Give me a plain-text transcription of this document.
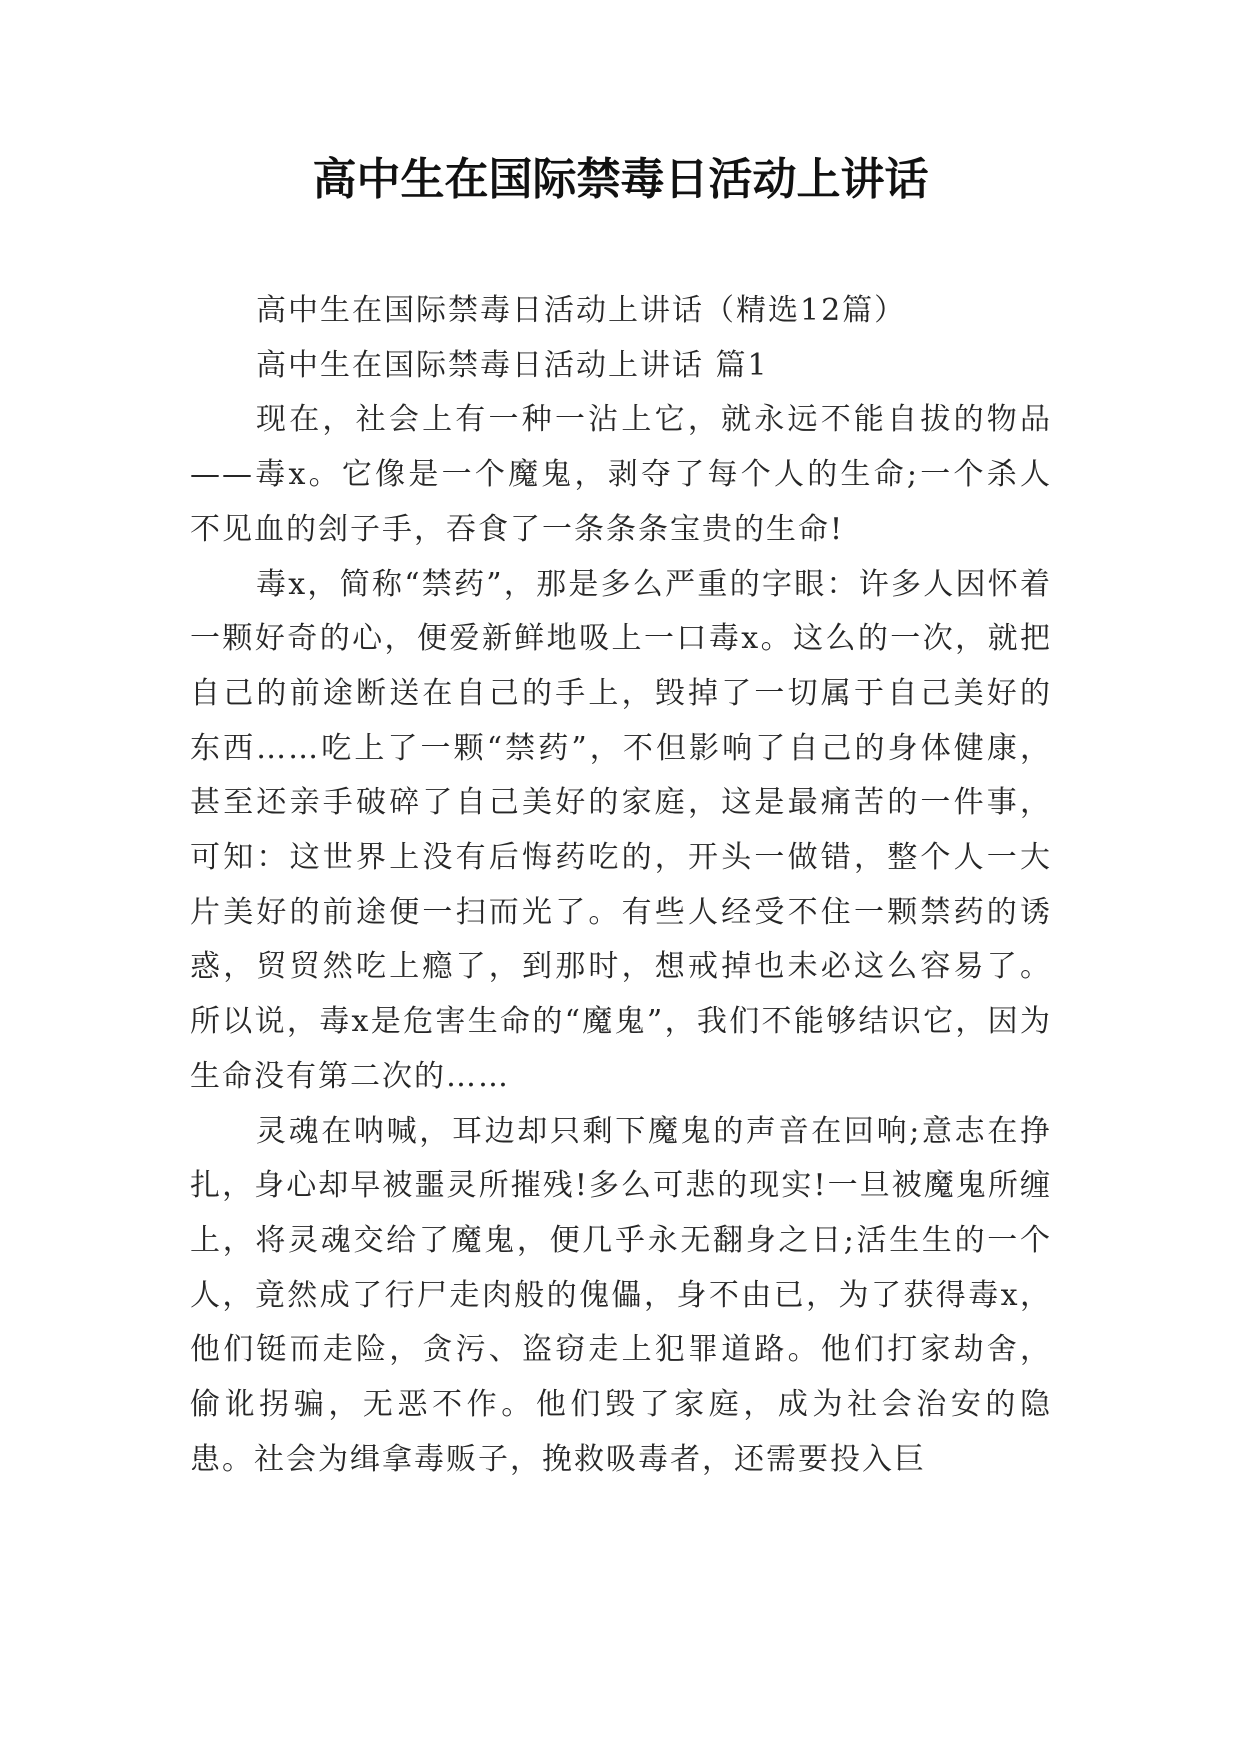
高中生在国际禁毒日活动上讲话

高中生在国际禁毒日活动上讲话（精选12篇）

高中生在国际禁毒日活动上讲话 篇1

现在，社会上有一种一沾上它，就永远不能自拔的物品——毒x。它像是一个魔鬼，剥夺了每个人的生命;一个杀人不见血的刽子手，吞食了一条条条宝贵的生命!

毒x，简称“禁药”，那是多么严重的字眼：许多人因怀着一颗好奇的心，便爱新鲜地吸上一口毒x。这么的一次，就把自己的前途断送在自己的手上，毁掉了一切属于自己美好的东西……吃上了一颗“禁药”，不但影响了自己的身体健康，甚至还亲手破碎了自己美好的家庭，这是最痛苦的一件事，可知：这世界上没有后悔药吃的，开头一做错，整个人一大片美好的前途便一扫而光了。有些人经受不住一颗禁药的诱惑，贸贸然吃上瘾了，到那时，想戒掉也未必这么容易了。所以说，毒x是危害生命的“魔鬼”，我们不能够结识它，因为生命没有第二次的……

灵魂在呐喊，耳边却只剩下魔鬼的声音在回响;意志在挣扎，身心却早被噩灵所摧残!多么可悲的现实!一旦被魔鬼所缠上，将灵魂交给了魔鬼，便几乎永无翻身之日;活生生的一个人，竟然成了行尸走肉般的傀儡，身不由已，为了获得毒x，他们铤而走险，贪污、盗窃走上犯罪道路。他们打家劫舍，偷讹拐骗，无恶不作。他们毁了家庭，成为社会治安的隐患。社会为缉拿毒贩子，挽救吸毒者，还需要投入巨
